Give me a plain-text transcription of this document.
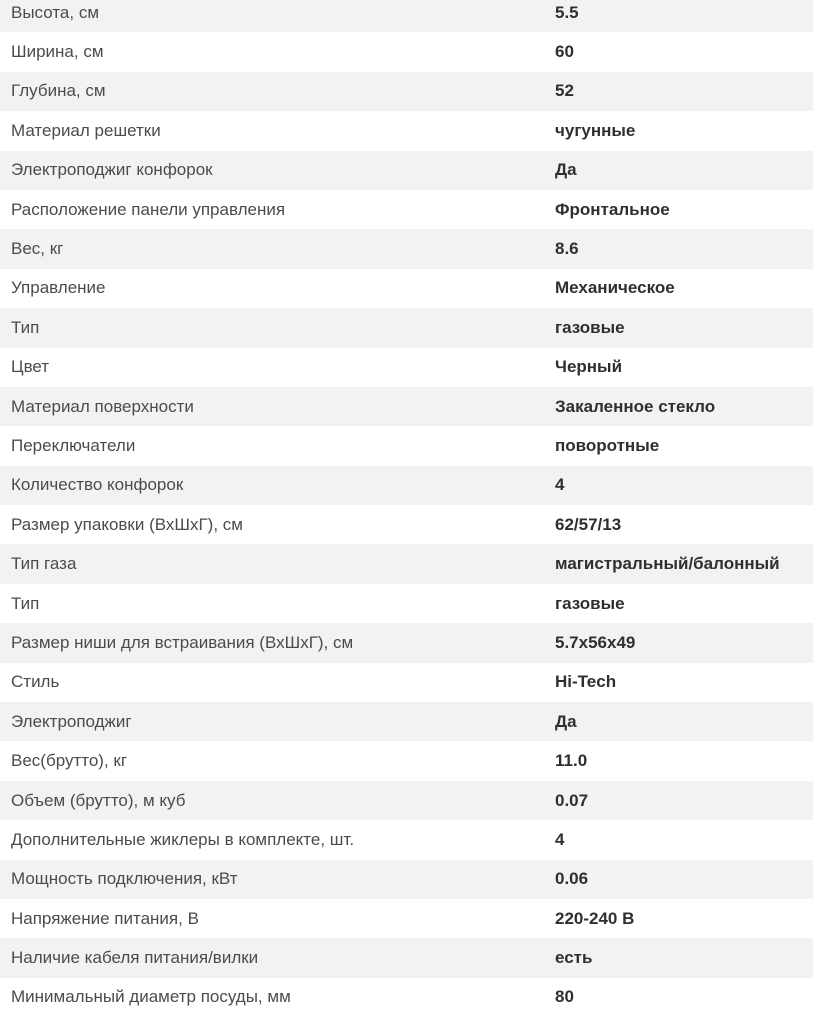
Высота, см	5.5
Ширина, см	60
Глубина, см	52
Материал решетки	чугунные
Электроподжиг конфорок	Да
Расположение панели управления	Фронтальное
Вес, кг	8.6
Управление	Механическое
Тип	газовые
Цвет	Черный
Материал поверхности	Закаленное стекло
Переключатели	поворотные
Количество конфорок	4
Размер упаковки (ВхШхГ), см	62/57/13
Тип газа	магистральный/балонный
Тип	газовые
Размер ниши для встраивания (ВхШхГ), см	5.7x56x49
Стиль	Hi-Tech
Электроподжиг	Да
Вес(брутто), кг	11.0
Объем (брутто), м куб	0.07
Дополнительные жиклеры в комплекте, шт.	4
Мощность подключения, кВт	0.06
Напряжение питания, В	220-240 В
Наличие кабеля питания/вилки	есть
Минимальный диаметр посуды, мм	80
